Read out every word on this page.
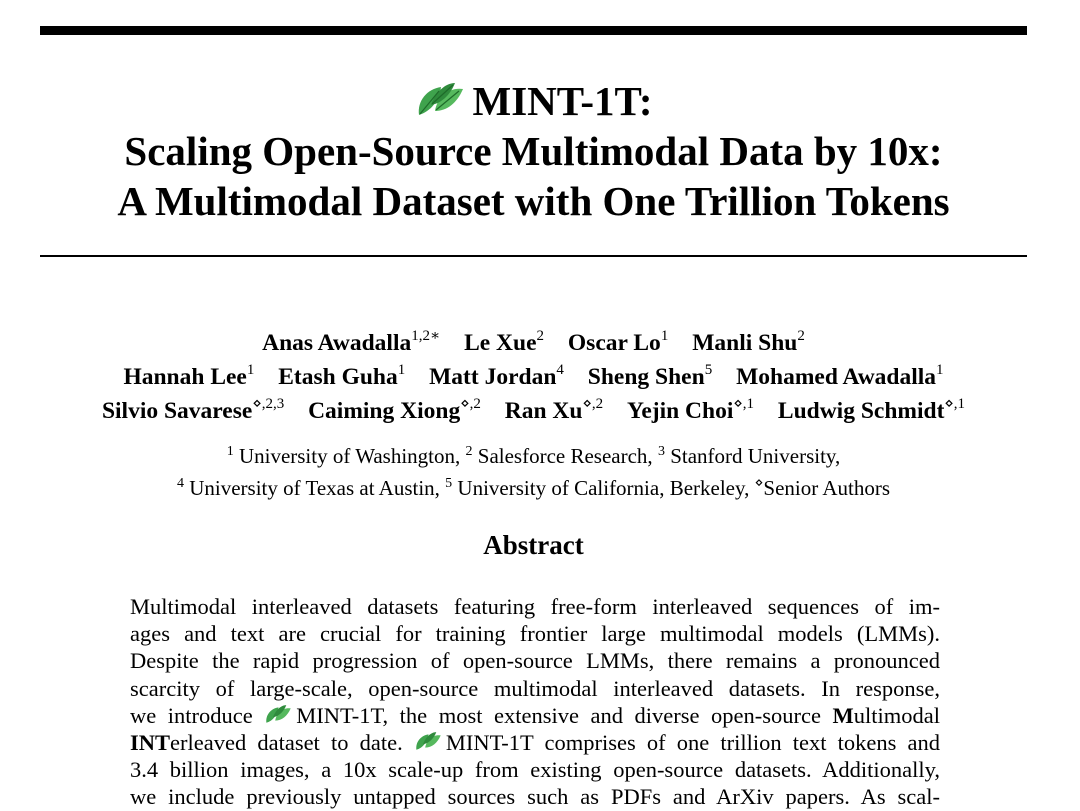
MINT-1T:
Scaling Open-Source Multimodal Data by 10x:
A Multimodal Dataset with One Trillion Tokens
Anas Awadalla$^{1,2∗}$ Le Xue$^2$ Oscar Lo$^1$ Manli Shu$^2$
Hannah Lee$^1$ Etash Guha$^1$ Matt Jordan$^4$ Sheng Shen$^5$ Mohamed Awadalla$^1$
Silvio Savarese$^{⋄,2,3}$ Caiming Xiong$^{⋄,2}$ Ran $Xu^{⋄,2}$ Yejin Choi$^{⋄,1}$ Ludwig Schmidt$^{⋄,1}$
$^1$ University of Washington, $^2$ Salesforce Research, $^3$ Stanford University,
$^4$ University of Texas at Austin, $^5$ University of California, Berkeley, ⋄Senior Authors
Abstract
Multimodal interleaved datasets featuring free-form interleaved sequences of im-
ages and text are crucial for training frontier large multimodal models (LMMs).
Despite the rapid progression of open-source LMMs, there remains a pronounced
scarcity of large-scale, open-source multimodal interleaved datasets. In response,
we introduce MINT-1T, the most extensive and diverse open-source Multimodal
INTerleaved dataset to date. MINT-1T comprises of one trillion text tokens and
3.4 billion images, a 10x scale-up from existing open-source datasets. Additionally,
we include previously untapped sources such as PDFs and ArXiv papers. As scal-
